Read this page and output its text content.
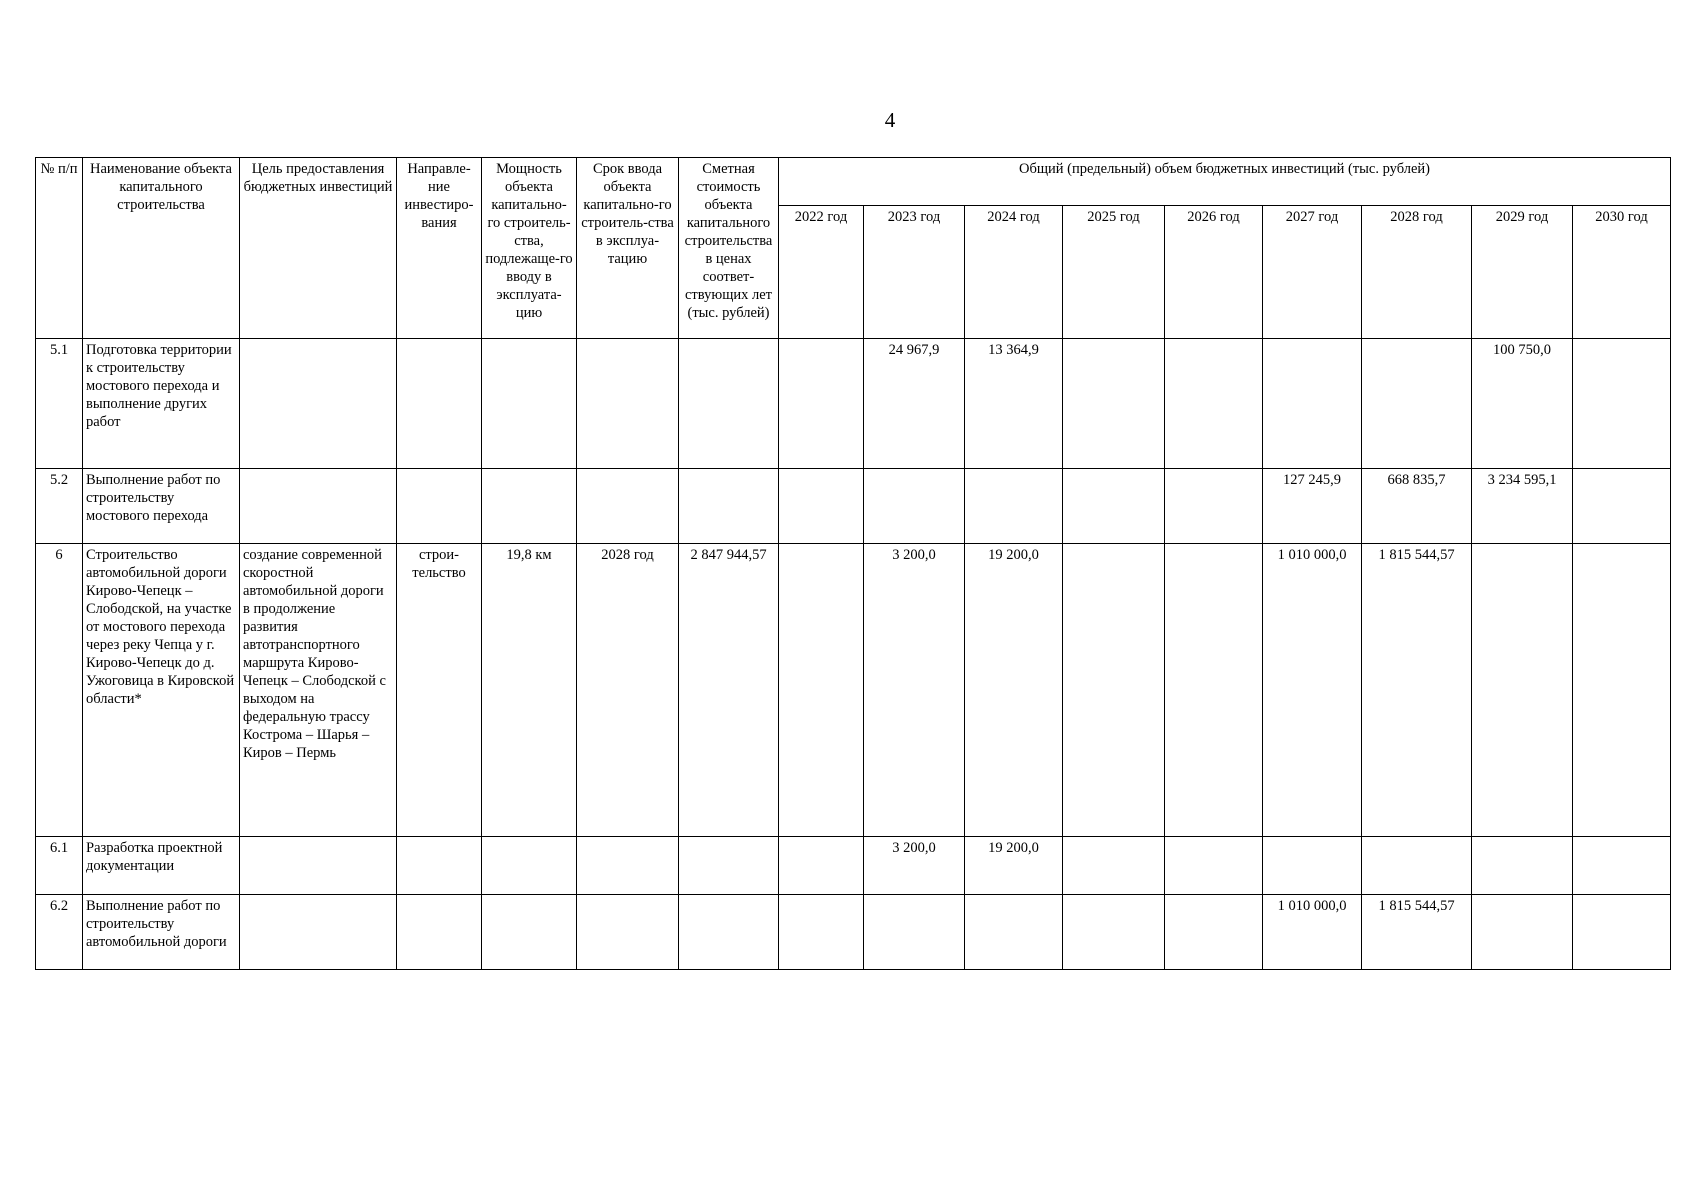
4
№ п/п	Наименование объекта капитального строительства	Цель предоставления бюджетных инвестиций	Направле-ние инвестиро-вания	Мощность объекта капитально-го строитель-ства, подлежаще-го вводу в эксплуата-цию	Срок ввода объекта капитально-го строитель-ства в эксплуа-тацию	Сметная стоимость объекта капитального строительства в ценах соответ-ствующих лет (тыс. рублей)	Общий (предельный) объем бюджетных инвестиций (тыс. рублей)								
							2022 год	2023 год	2024 год	2025 год	2026 год	2027 год	2028 год	2029 год	2030 год
5.1	Подготовка территории к строительству мостового перехода и выполнение других работ							24 967,9	13 364,9					100 750,0	
5.2	Выполнение работ по строительству мостового перехода											127 245,9	668 835,7	3 234 595,1	
6	Строительство автомобильной дороги Кирово-Чепецк – Слободской, на участке от мостового перехода через реку Чепца у г. Кирово-Чепецк до д. Ужоговица в Кировской области*	создание современной скоростной автомобильной дороги в продолжение развития автотранспортного маршрута Кирово-Чепецк – Слободской с выходом на федеральную трассу Кострома – Шарья – Киров – Пермь	строи-тельство	19,8 км	2028 год	2 847 944,57		3 200,0	19 200,0			1 010 000,0	1 815 544,57		
6.1	Разработка проектной документации							3 200,0	19 200,0						
6.2	Выполнение работ по строительству автомобильной дороги											1 010 000,0	1 815 544,57		
